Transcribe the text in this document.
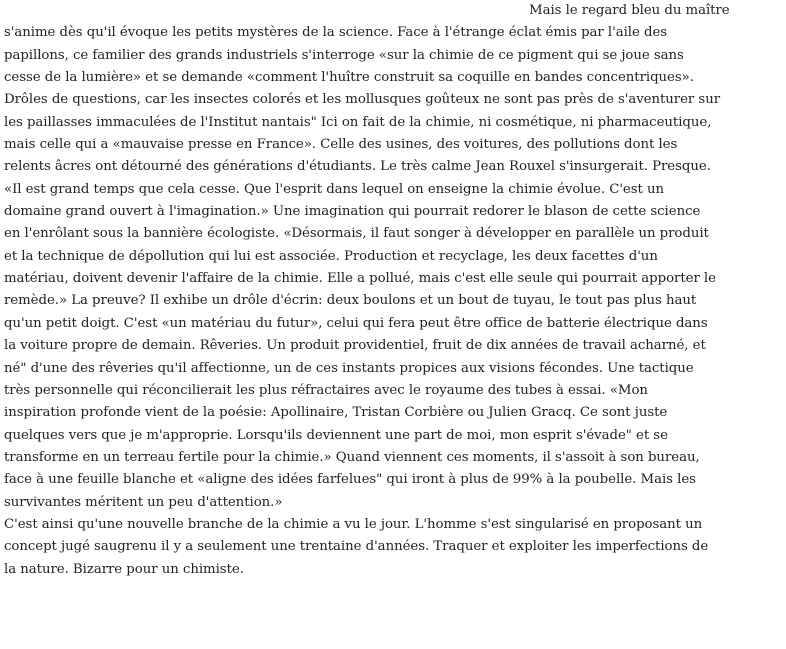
Mais le regard bleu du maître
s'anime dès qu'il évoque les petits mystères de la science. Face à l'étrange éclat émis par l'aile des
papillons, ce familier des grands industriels s'interroge «sur la chimie de ce pigment qui se joue sans
cesse de la lumière» et se demande «comment l'huître construit sa coquille en bandes concentriques».
Drôles de questions, car les insectes colorés et les mollusques goûteux ne sont pas près de s'aventurer sur
les paillasses immaculées de l'Institut nantais" Ici on fait de la chimie, ni cosmétique, ni pharmaceutique,
mais celle qui a «mauvaise presse en France». Celle des usines, des voitures, des pollutions dont les
relents âcres ont détourné des générations d'étudiants. Le très calme Jean Rouxel s'insurgerait. Presque.
«Il est grand temps que cela cesse. Que l'esprit dans lequel on enseigne la chimie évolue. C'est un
domaine grand ouvert à l'imagination.» Une imagination qui pourrait redorer le blason de cette science
en l'enrôlant sous la bannière écologiste. «Désormais, il faut songer à développer en parallèle un produit
et la technique de dépollution qui lui est associée. Production et recyclage, les deux facettes d'un
matériau, doivent devenir l'affaire de la chimie. Elle a pollué, mais c'est elle seule qui pourrait apporter le
remède.» La preuve? Il exhibe un drôle d'écrin: deux boulons et un bout de tuyau, le tout pas plus haut
qu'un petit doigt. C'est «un matériau du futur», celui qui fera peut être office de batterie électrique dans
la voiture propre de demain. Rêveries. Un produit providentiel, fruit de dix années de travail acharné, et
né" d'une des rêveries qu'il affectionne, un de ces instants propices aux visions fécondes. Une tactique
très personnelle qui réconcilierait les plus réfractaires avec le royaume des tubes à essai. «Mon
inspiration profonde vient de la poésie: Apollinaire, Tristan Corbière ou Julien Gracq. Ce sont juste
quelques vers que je m'approprie. Lorsqu'ils deviennent une part de moi, mon esprit s'évade" et se
transforme en un terreau fertile pour la chimie.» Quand viennent ces moments, il s'assoit à son bureau,
face à une feuille blanche et «aligne des idées farfelues" qui iront à plus de 99% à la poubelle. Mais les
survivantes méritent un peu d'attention.»
C'est ainsi qu'une nouvelle branche de la chimie a vu le jour. L'homme s'est singularisé en proposant un
concept jugé saugrenu il y a seulement une trentaine d'années. Traquer et exploiter les imperfections de
la nature. Bizarre pour un chimiste.
